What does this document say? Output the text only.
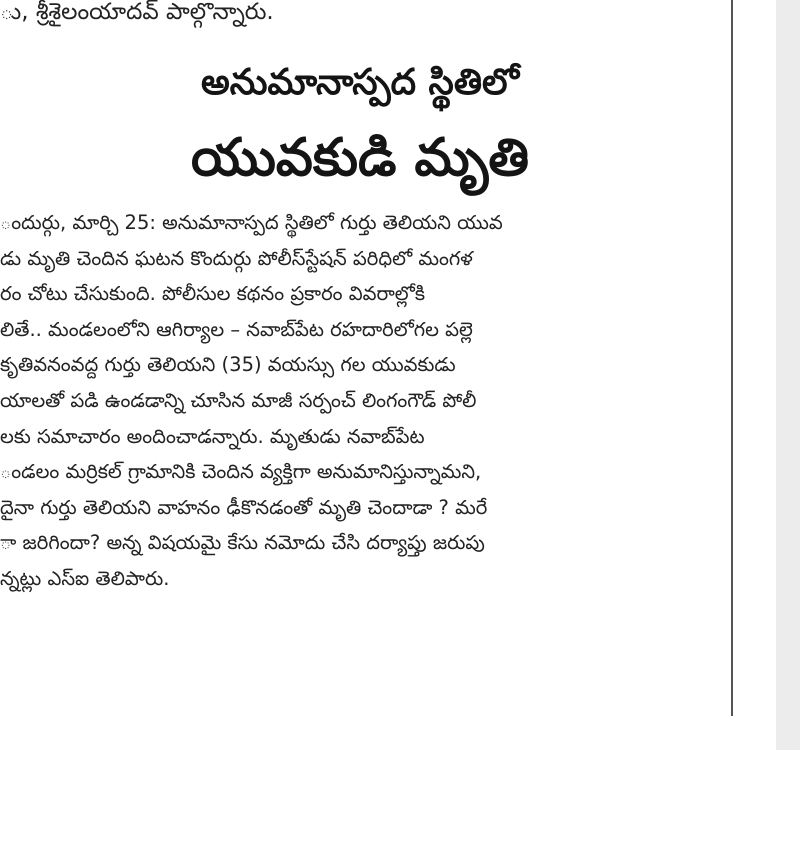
ు, శ్రీశైలంయాదవ్ పాల్గొన్నారు.
అనుమానాస్పద స్థితిలో
యువకుడి మృతి
ందుర్గు, మార్చి 25: అనుమానాస్పద స్థితిలో గుర్తు తెలియని యువ
డు మృతి చెందిన ఘటన కొందుర్గు పోలీస్‌స్టేషన్ పరిధిలో మంగళ
రం చోటు చేసుకుంది. పోలీసుల కథనం ప్రకారం వివరాల్లోకి
లితే.. మండలంలోని ఆగిర్యాల – నవాబ్‌పేట రహదారిలోగల పల్లె
కృతివనంవద్ద గుర్తు తెలియని (35) వయస్సు గల యువకుడు
యాలతో పడి ఉండడాన్ని చూసిన మాజీ సర్పంచ్ లింగంగౌడ్ పోలీ
లకు సమాచారం అందించాడన్నారు. మృతుడు నవాబ్‌పేట
ండలం మర్రికల్ గ్రామానికి చెందిన వ్యక్తిగా అనుమానిస్తున్నామని,
దైనా గుర్తు తెలియని వాహనం ఢీకొనడంతో మృతి చెందాడా ? మరే
ా జరిగిందా? అన్న విషయమై కేసు నమోదు చేసి దర్యాప్తు జరుపు
న్నట్లు ఎస్ఐ తెలిపారు.
